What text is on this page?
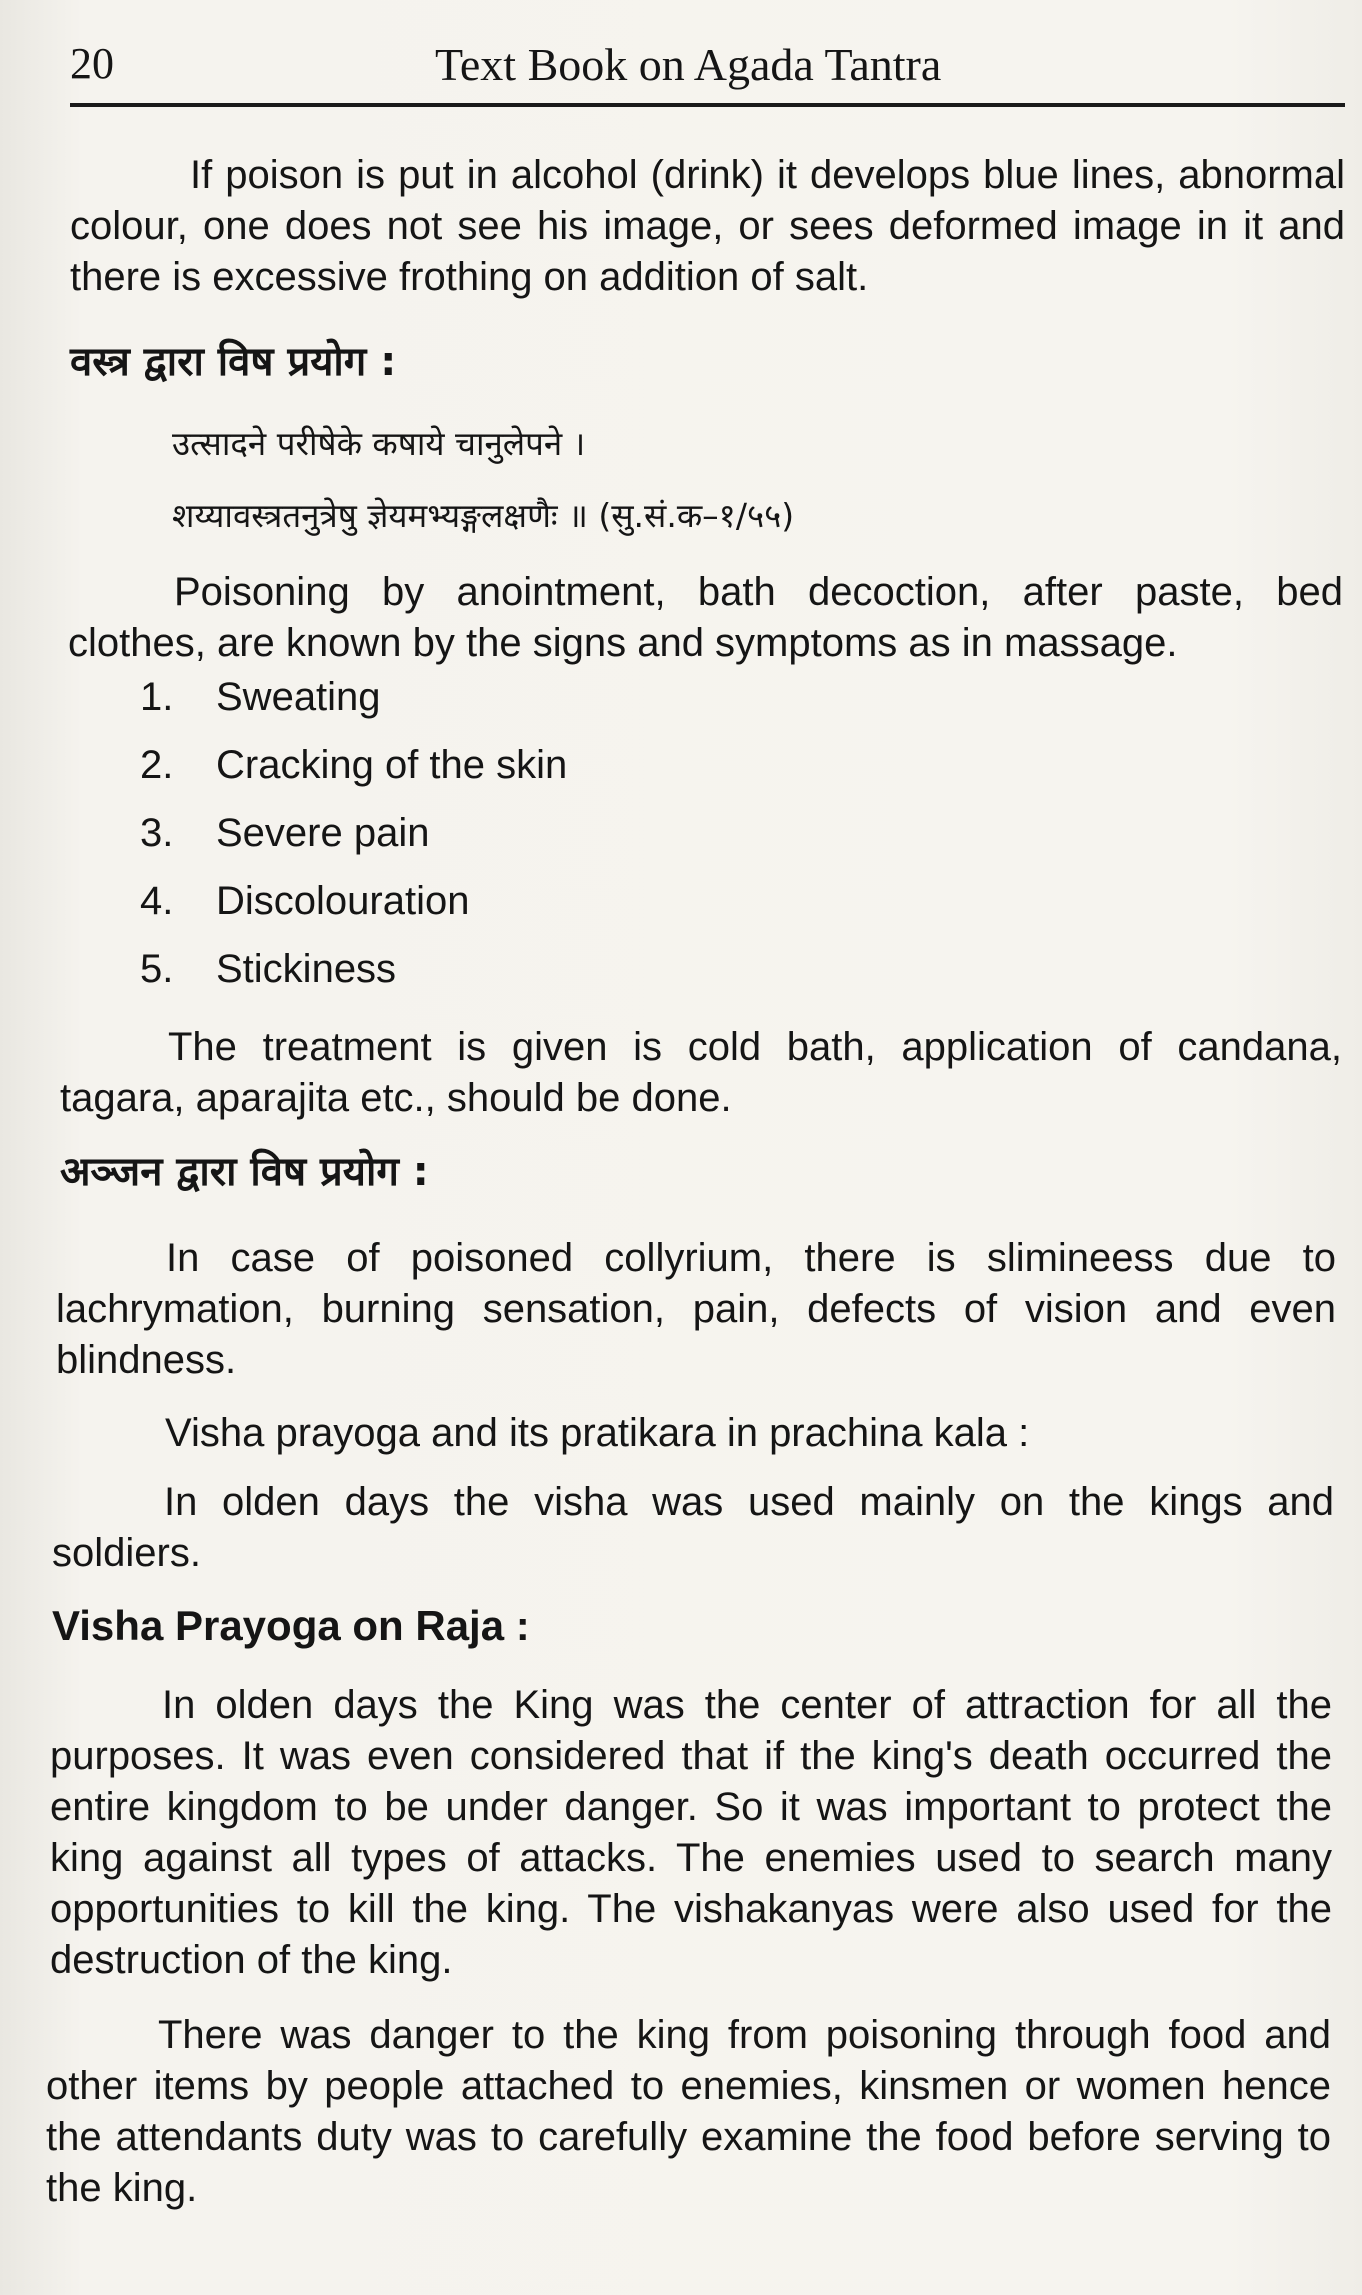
20	Text Book on Agada Tantra

If poison is put in alcohol (drink) it develops blue lines, abnormal colour, one does not see his image, or sees deformed image in it and there is excessive frothing on addition of salt.

वस्त्र द्वारा विष प्रयोग :

उत्सादने परीषेके कषाये चानुलेपने ।

शय्यावस्त्रतनुत्रेषु ज्ञेयमभ्यङ्गलक्षणैः ॥ (सु.सं.क–१/५५)

Poisoning by anointment, bath decoction, after paste, bed clothes, are known by the signs and symptoms as in massage.

1. Sweating
2. Cracking of the skin
3. Severe pain
4. Discolouration
5. Stickiness

The treatment is given is cold bath, application of candana, tagara, aparajita etc., should be done.

अञ्जन द्वारा विष प्रयोग :

In case of poisoned collyrium, there is slimineess due to lachrymation, burning sensation, pain, defects of vision and even blindness.

Visha prayoga and its pratikara in prachina kala :

In olden days the visha was used mainly on the kings and soldiers.

Visha Prayoga on Raja :

In olden days the King was the center of attraction for all the purposes. It was even considered that if the king's death occurred the entire kingdom to be under danger. So it was important to protect the king against all types of attacks. The enemies used to search many opportunities to kill the king. The vishakanyas were also used for the destruction of the king.

There was danger to the king from poisoning through food and other items by people attached to enemies, kinsmen or women hence the attendants duty was to carefully examine the food before serving to the king.
